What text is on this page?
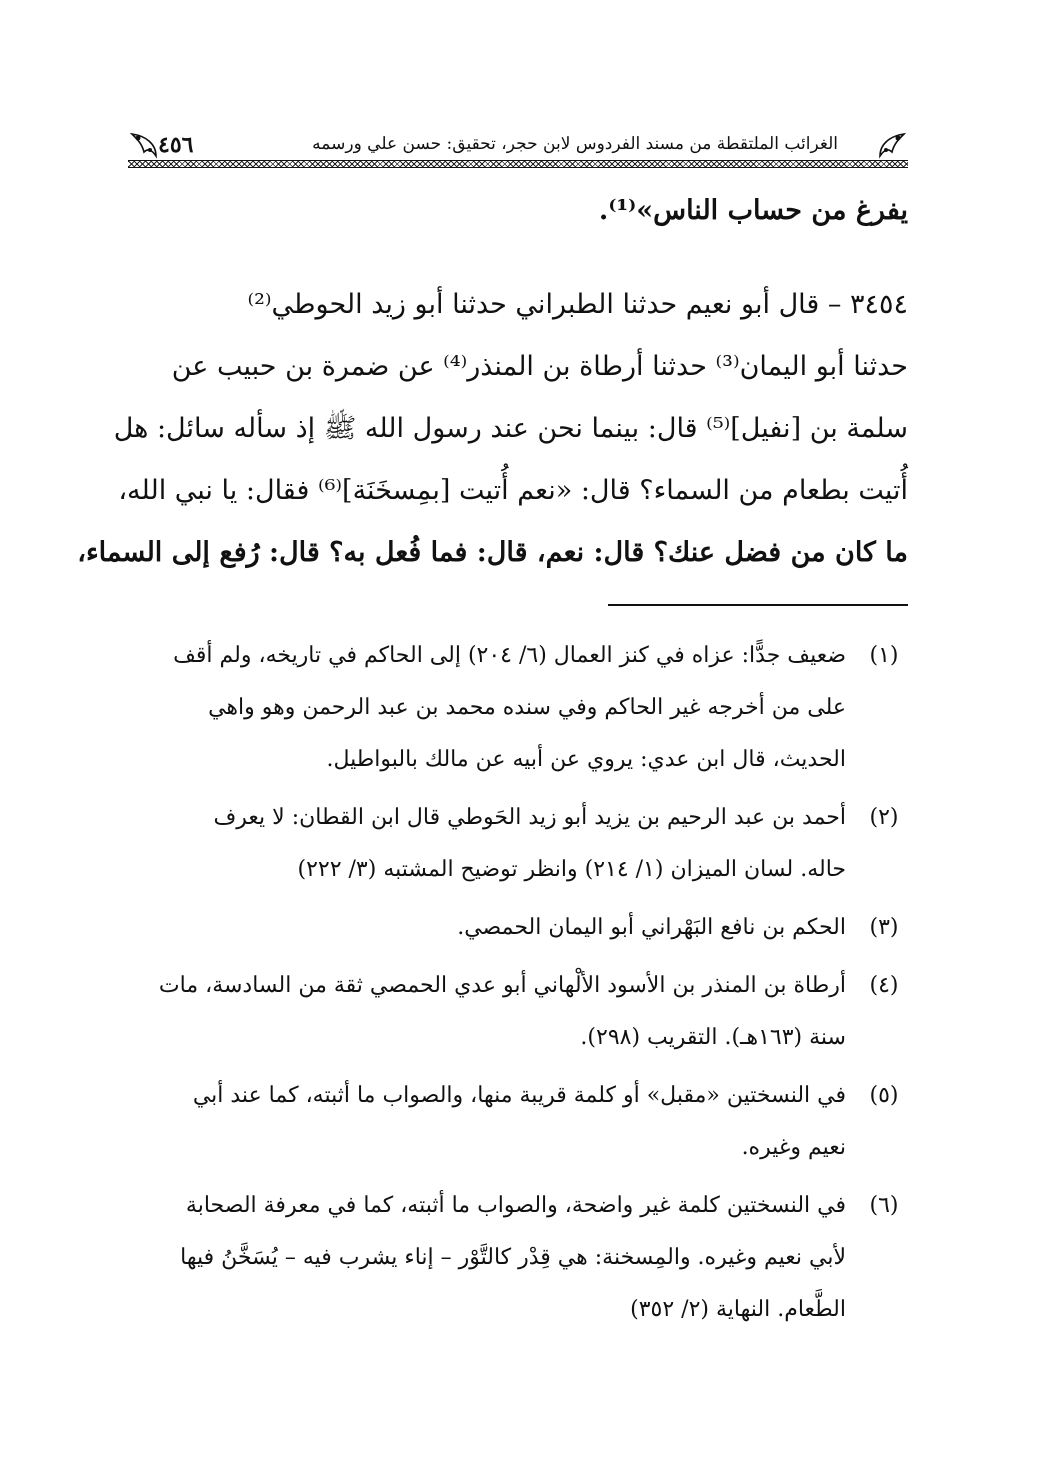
الغرائب الملتقطة من مسند الفردوس لابن حجر، تحقيق: حسن علي ورسمه
٤٥٦
يفرغ من حساب الناس»⁽¹⁾.
٣٤٥٤ – قال أبو نعيم حدثنا الطبراني حدثنا أبو زيد الحوطي⁽²⁾
حدثنا أبو اليمان⁽³⁾ حدثنا أرطاة بن المنذر⁽⁴⁾ عن ضمرة بن حبيب عن
سلمة بن [نفيل]⁽⁵⁾ قال: بينما نحن عند رسول الله ﷺ إذ سأله سائل: هل
أُتيت بطعام من السماء؟ قال: «نعم أُتيت [بمِسخَنَة]⁽⁶⁾ فقال: يا نبي الله،
ما كان من فضل عنك؟ قال: نعم، قال: فما فُعل به؟ قال: رُفع إلى السماء،
(١)
ضعيف جدًّا: عزاه في كنز العمال (٦/ ٢٠٤) إلى الحاكم في تاريخه، ولم أقف
على من أخرجه غير الحاكم وفي سنده محمد بن عبد الرحمن وهو واهي
الحديث، قال ابن عدي: يروي عن أبيه عن مالك بالبواطيل.
(٢)
أحمد بن عبد الرحيم بن يزيد أبو زيد الحَوطي قال ابن القطان: لا يعرف
حاله. لسان الميزان (١/ ٢١٤) وانظر توضيح المشتبه (٣/ ٢٢٢)
(٣)
الحكم بن نافع البَهْراني أبو اليمان الحمصي.
(٤)
أرطاة بن المنذر بن الأسود الألْهاني أبو عدي الحمصي ثقة من السادسة، مات
سنة (١٦٣هـ). التقريب (٢٩٨).
(٥)
في النسختين «مقبل» أو كلمة قريبة منها، والصواب ما أثبته، كما عند أبي
نعيم وغيره.
(٦)
في النسختين كلمة غير واضحة، والصواب ما أثبته، كما في معرفة الصحابة
لأبي نعيم وغيره. والمِسخنة: هي قِدْر كالتَّوْر – إناء يشرب فيه – يُسَخَّنُ فيها
الطَّعام. النهاية (٢/ ٣٥٢)
